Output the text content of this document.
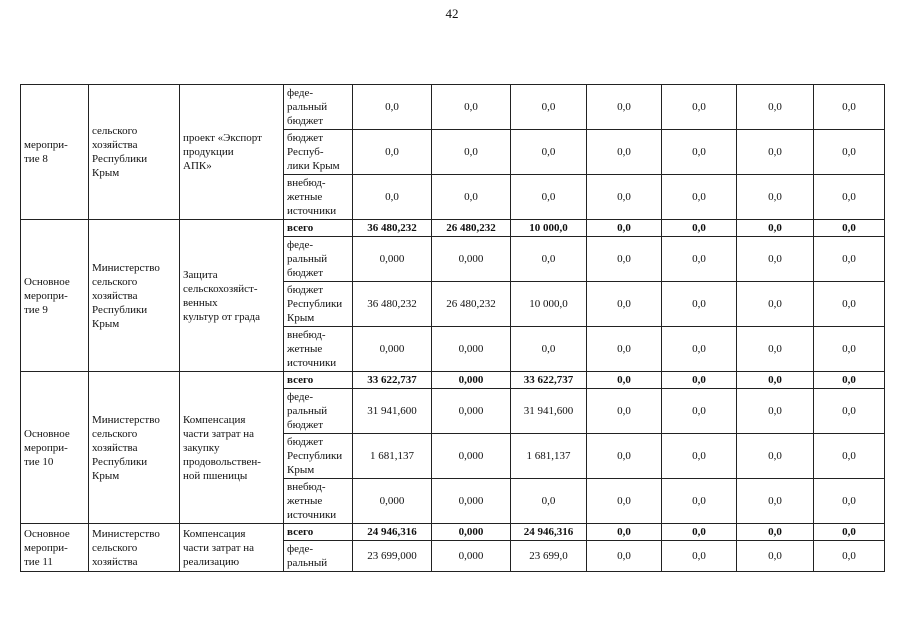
42
меропри-
тие 8	сельского
хозяйства
Республики
Крым	проект «Экспорт
продукции
АПК»	феде-
ральный
бюджет	0,0	0,0	0,0	0,0	0,0	0,0	0,0
			бюджет
Респуб-
лики Крым	0,0	0,0	0,0	0,0	0,0	0,0	0,0
			внебюд-
жетные
источники	0,0	0,0	0,0	0,0	0,0	0,0	0,0
Основное
меропри-
тие 9	Министерство
сельского
хозяйства
Республики
Крым	Защита
сельскохозяйст-
венных
культур от града	всего	36 480,232	26 480,232	10 000,0	0,0	0,0	0,0	0,0
			феде-
ральный
бюджет	0,000	0,000	0,0	0,0	0,0	0,0	0,0
			бюджет
Республики
Крым	36 480,232	26 480,232	10 000,0	0,0	0,0	0,0	0,0
			внебюд-
жетные
источники	0,000	0,000	0,0	0,0	0,0	0,0	0,0
Основное
меропри-
тие 10	Министерство
сельского
хозяйства
Республики
Крым	Компенсация
части затрат на
закупку
продовольствен-
ной пшеницы	всего	33 622,737	0,000	33 622,737	0,0	0,0	0,0	0,0
			феде-
ральный
бюджет	31 941,600	0,000	31 941,600	0,0	0,0	0,0	0,0
			бюджет
Республики
Крым	1 681,137	0,000	1 681,137	0,0	0,0	0,0	0,0
			внебюд-
жетные
источники	0,000	0,000	0,0	0,0	0,0	0,0	0,0
Основное
меропри-
тие 11	Министерство
сельского
хозяйства	Компенсация
части затрат на
реализацию	всего	24 946,316	0,000	24 946,316	0,0	0,0	0,0	0,0
			феде-
ральный	23 699,000	0,000	23 699,0	0,0	0,0	0,0	0,0
